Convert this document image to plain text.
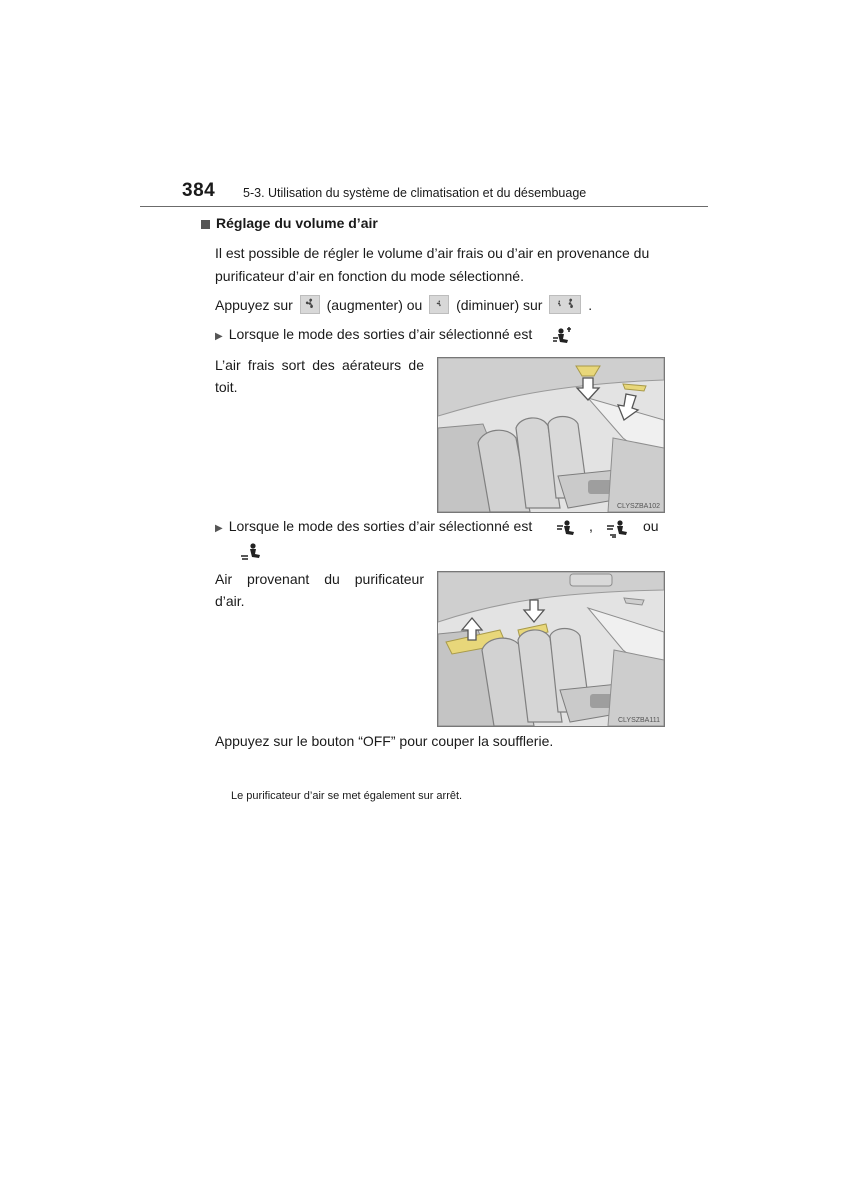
384 5-3. Utilisation du système de climatisation et du désembuage
Réglage du volume d’air
Il est possible de régler le volume d’air frais ou d’air en provenance du
purificateur d’air en fonction du mode sélectionné.
Appuyez sur (augmenter) ou (diminuer) sur	.
▶ Lorsque le mode des sorties d’air sélectionné est
L’air frais sort des aérateurs de
toit.
CLYSZBA102
▶ Lorsque le mode des sorties d’air sélectionné est	,	ou
Air provenant du purificateur
d’air.
CLYSZBA111
Appuyez sur le bouton “OFF” pour couper la soufflerie.
Le purificateur d’air se met également sur arrêt.
